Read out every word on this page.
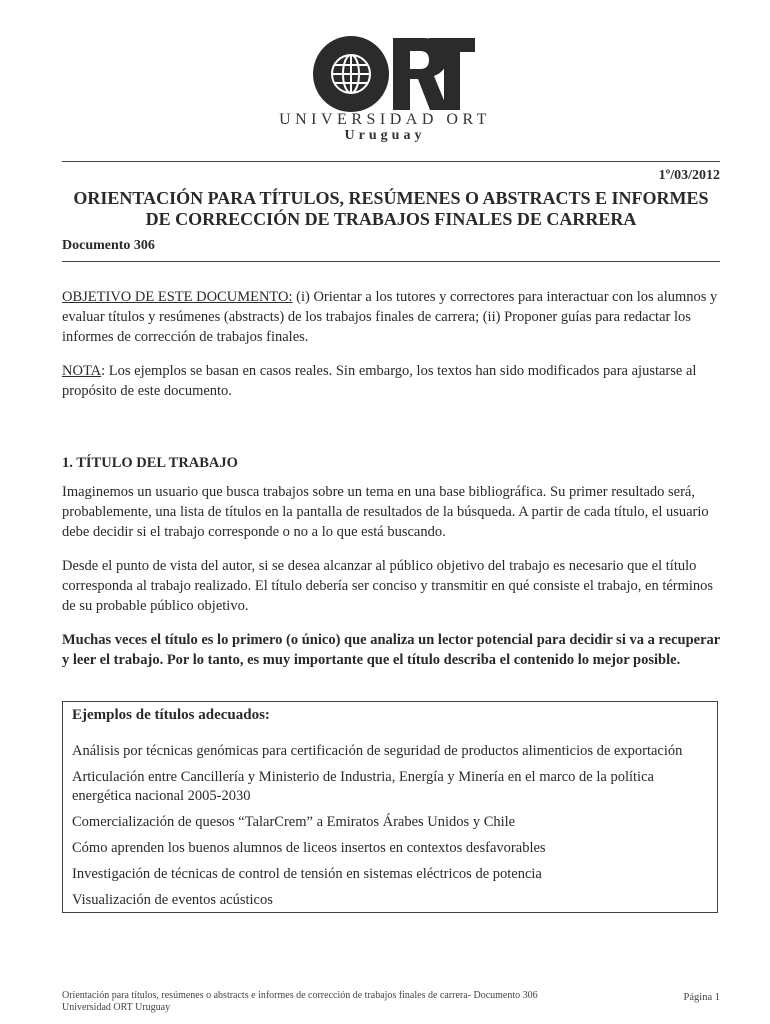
ORT
UNIVERSIDAD ORT
Uruguay
1º/03/2012
ORIENTACIÓN PARA TÍTULOS, RESÚMENES O ABSTRACTS E INFORMES
DE CORRECCIÓN DE TRABAJOS FINALES DE CARRERA
Documento 306
OBJETIVO DE ESTE DOCUMENTO: (i) Orientar a los tutores y correctores para interactuar con los alumnos y evaluar títulos y resúmenes (abstracts) de los trabajos finales de carrera; (ii) Proponer guías para redactar los informes de corrección de trabajos finales.
NOTA: Los ejemplos se basan en casos reales. Sin embargo, los textos han sido modificados para ajustarse al propósito de este documento.
1. TÍTULO DEL TRABAJO
Imaginemos un usuario que busca trabajos sobre un tema en una base bibliográfica. Su primer resultado será, probablemente, una lista de títulos en la pantalla de resultados de la búsqueda. A partir de cada título, el usuario debe decidir si el trabajo corresponde o no a lo que está buscando.
Desde el punto de vista del autor, si se desea alcanzar al público objetivo del trabajo es necesario que el título corresponda al trabajo realizado. El título debería ser conciso y transmitir en qué consiste el trabajo, en términos de su probable público objetivo.
Muchas veces el título es lo primero (o único) que analiza un lector potencial para decidir si va a recuperar y leer el trabajo. Por lo tanto, es muy importante que el título describa el contenido lo mejor posible.
Ejemplos de títulos adecuados:
Análisis por técnicas genómicas para certificación de seguridad de productos alimenticios de exportación
Articulación entre Cancillería y Ministerio de Industria, Energía y Minería en el marco de la política energética nacional 2005-2030
Comercialización de quesos “TalarCrem” a Emiratos Árabes Unidos y Chile
Cómo aprenden los buenos alumnos de liceos insertos en contextos desfavorables
Investigación de técnicas de control de tensión en sistemas eléctricos de potencia
Visualización de eventos acústicos
Orientación para títulos, resúmenes o abstracts e informes de corrección de trabajos finales de carrera- Documento 306
Universidad ORT Uruguay
Página 1
